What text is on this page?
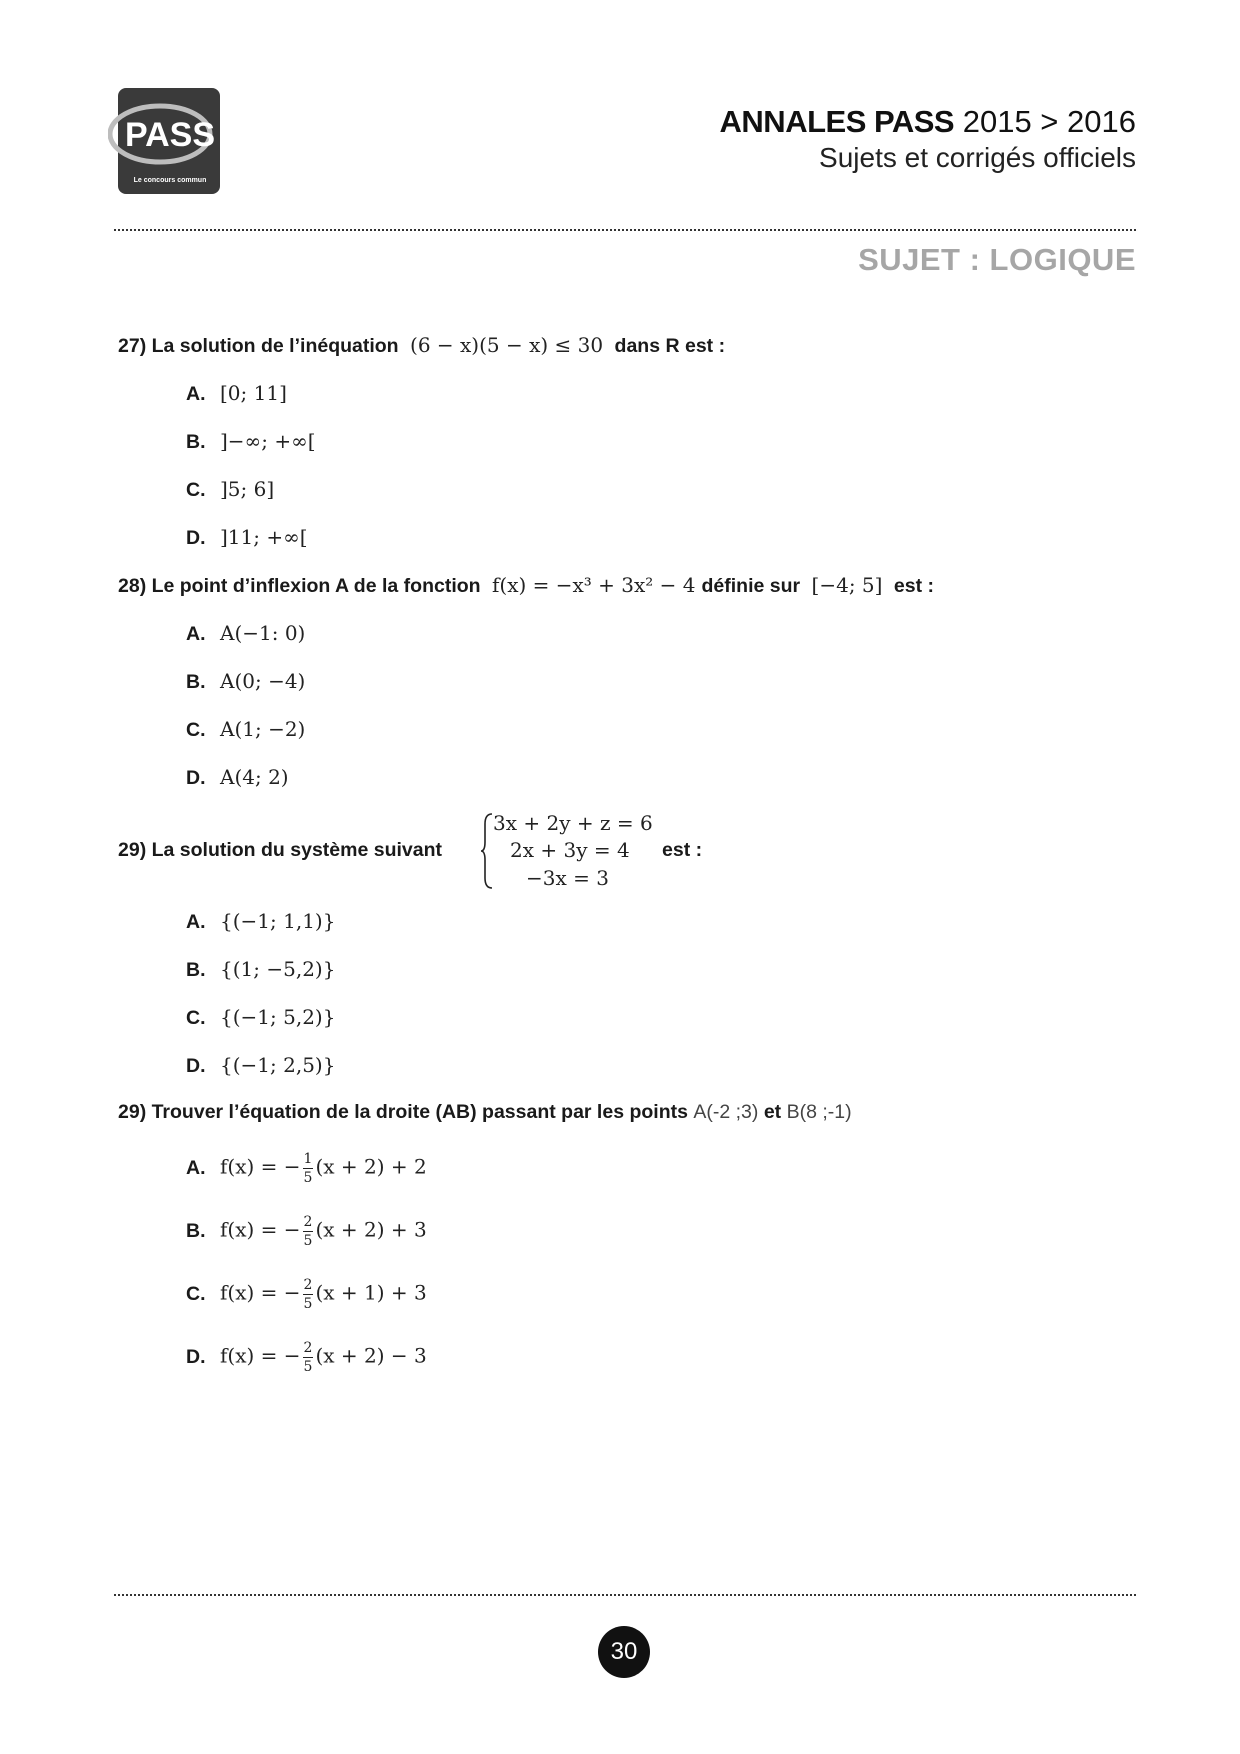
PASS
Le concours commun
ANNALES PASS 2015 > 2016
Sujets et corrigés officiels
SUJET : LOGIQUE
27) La solution de l’inéquation (6 − x)(5 − x) ≤ 30 dans R est :
A. [0; 11]
B. ]−∞; +∞[
C. ]5; 6]
D. ]11; +∞[
28) Le point d’inflexion A de la fonction f(x) = −x³ + 3x² − 4 définie sur [−4; 5] est :
A. A(−1: 0)
B. A(0; −4)
C. A(1; −2)
D. A(4; 2)
29) La solution du système suivant
3x + 2y + z = 6
2x + 3y = 4
−3x = 3
est :
A. {(−1; 1,1)}
B. {(1; −5,2)}
C. {(−1; 5,2)}
D. {(−1; 2,5)}
29) Trouver l’équation de la droite (AB) passant par les points A(-2 ;3) et B(8 ;-1)
A. f(x) = − $\frac{1}{5} (x + 2) + 2$
B. f(x) = − $\frac{2}{5} (x + 2) + 3$
C. f(x) = − $\frac{2}{5} (x + 1) + 3$
D. f(x) = − $\frac{2}{5} (x + 2) - 3$
30
